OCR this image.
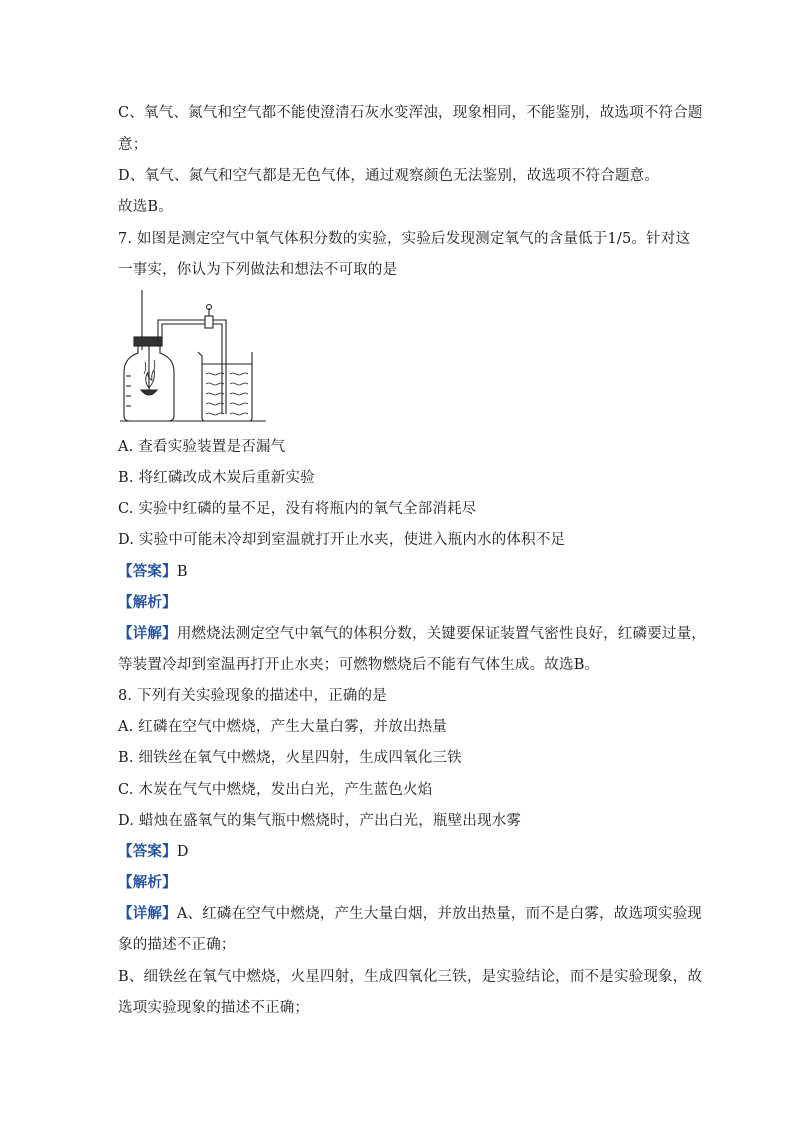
C、氧气、氮气和空气都不能使澄清石灰水变浑浊，现象相同，不能鉴别，故选项不符合题
意；
D、氧气、氮气和空气都是无色气体，通过观察颜色无法鉴别，故选项不符合题意。
故选B。
7. 如图是测定空气中氧气体积分数的实验，实验后发现测定氧气的含量低于1/5。针对这
一事实，你认为下列做法和想法不可取的是
A. 查看实验装置是否漏气
B. 将红磷改成木炭后重新实验
C. 实验中红磷的量不足，没有将瓶内的氧气全部消耗尽
D. 实验中可能未冷却到室温就打开止水夹，使进入瓶内水的体积不足
【答案】B
【解析】
【详解】用燃烧法测定空气中氧气的体积分数，关键要保证装置气密性良好，红磷要过量，
等装置冷却到室温再打开止水夹；可燃物燃烧后不能有气体生成。故选B。
8. 下列有关实验现象的描述中，正确的是
A. 红磷在空气中燃烧，产生大量白雾，并放出热量
B. 细铁丝在氧气中燃烧，火星四射，生成四氧化三铁
C. 木炭在气气中燃烧，发出白光，产生蓝色火焰
D. 蜡烛在盛氧气的集气瓶中燃烧时，产出白光，瓶壁出现水雾
【答案】D
【解析】
【详解】A、红磷在空气中燃烧，产生大量白烟，并放出热量，而不是白雾，故选项实验现
象的描述不正确；
B、细铁丝在氧气中燃烧，火星四射，生成四氧化三铁，是实验结论，而不是实验现象，故
选项实验现象的描述不正确；
